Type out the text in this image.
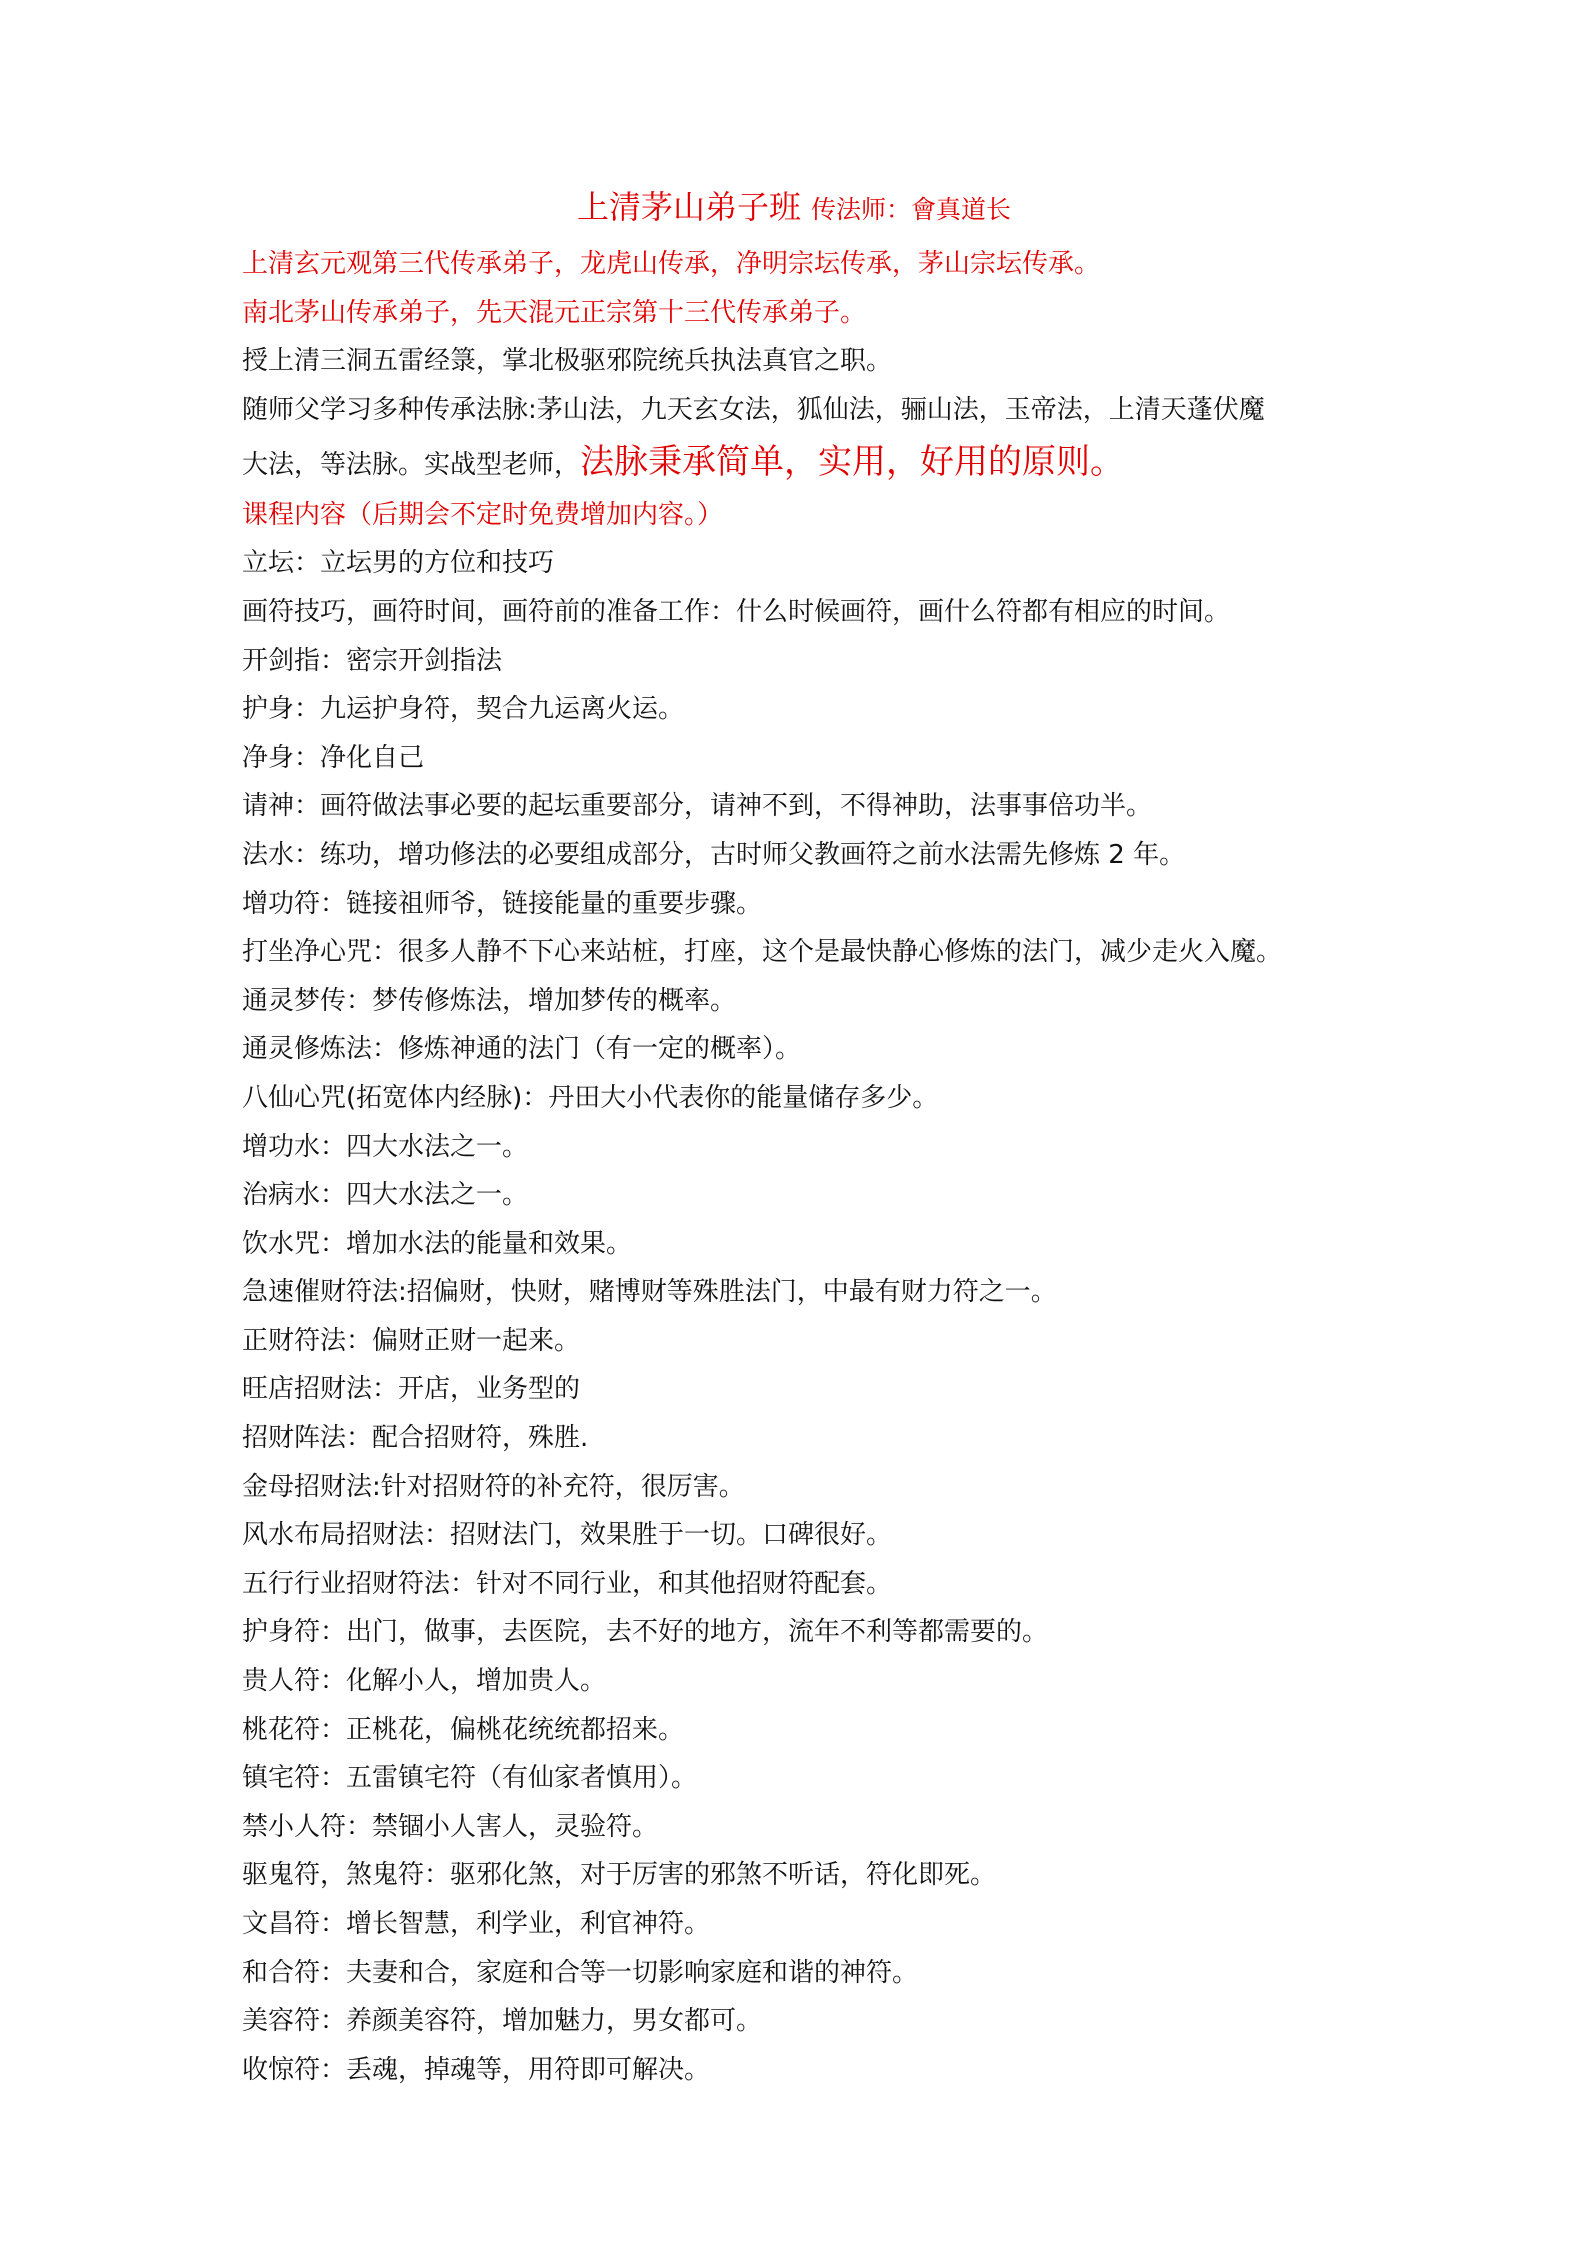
上清茅山弟子班 传法师：會真道长
上清玄元观第三代传承弟子，龙虎山传承，净明宗坛传承，茅山宗坛传承。
南北茅山传承弟子，先天混元正宗第十三代传承弟子。
授上清三洞五雷经箓，掌北极驱邪院统兵执法真官之职。
随师父学习多种传承法脉:茅山法，九天玄女法，狐仙法，骊山法，玉帝法，上清天蓬伏魔
大法，等法脉。实战型老师，法脉秉承简单，实用，好用的原则。
课程内容（后期会不定时免费增加内容。）
立坛：立坛男的方位和技巧
画符技巧，画符时间，画符前的准备工作：什么时候画符，画什么符都有相应的时间。
开剑指：密宗开剑指法
护身：九运护身符，契合九运离火运。
净身：净化自己
请神：画符做法事必要的起坛重要部分，请神不到，不得神助，法事事倍功半。
法水：练功，增功修法的必要组成部分，古时师父教画符之前水法需先修炼 2 年。
增功符：链接祖师爷，链接能量的重要步骤。
打坐净心咒：很多人静不下心来站桩，打座，这个是最快静心修炼的法门，减少走火入魔。
通灵梦传：梦传修炼法，增加梦传的概率。
通灵修炼法：修炼神通的法门（有一定的概率）。
八仙心咒(拓宽体内经脉)：丹田大小代表你的能量储存多少。
增功水：四大水法之一。
治病水：四大水法之一。
饮水咒：增加水法的能量和效果。
急速催财符法:招偏财，快财，赌博财等殊胜法门，中最有财力符之一。
正财符法：偏财正财一起来。
旺店招财法：开店，业务型的
招财阵法：配合招财符，殊胜.
金母招财法:针对招财符的补充符，很厉害。
风水布局招财法：招财法门，效果胜于一切。口碑很好。
五行行业招财符法：针对不同行业，和其他招财符配套。
护身符：出门，做事，去医院，去不好的地方，流年不利等都需要的。
贵人符：化解小人，增加贵人。
桃花符：正桃花，偏桃花统统都招来。
镇宅符：五雷镇宅符（有仙家者慎用）。
禁小人符：禁锢小人害人，灵验符。
驱鬼符，煞鬼符：驱邪化煞，对于厉害的邪煞不听话，符化即死。
文昌符：增长智慧，利学业，利官神符。
和合符：夫妻和合，家庭和合等一切影响家庭和谐的神符。
美容符：养颜美容符，增加魅力，男女都可。
收惊符：丢魂，掉魂等，用符即可解决。
